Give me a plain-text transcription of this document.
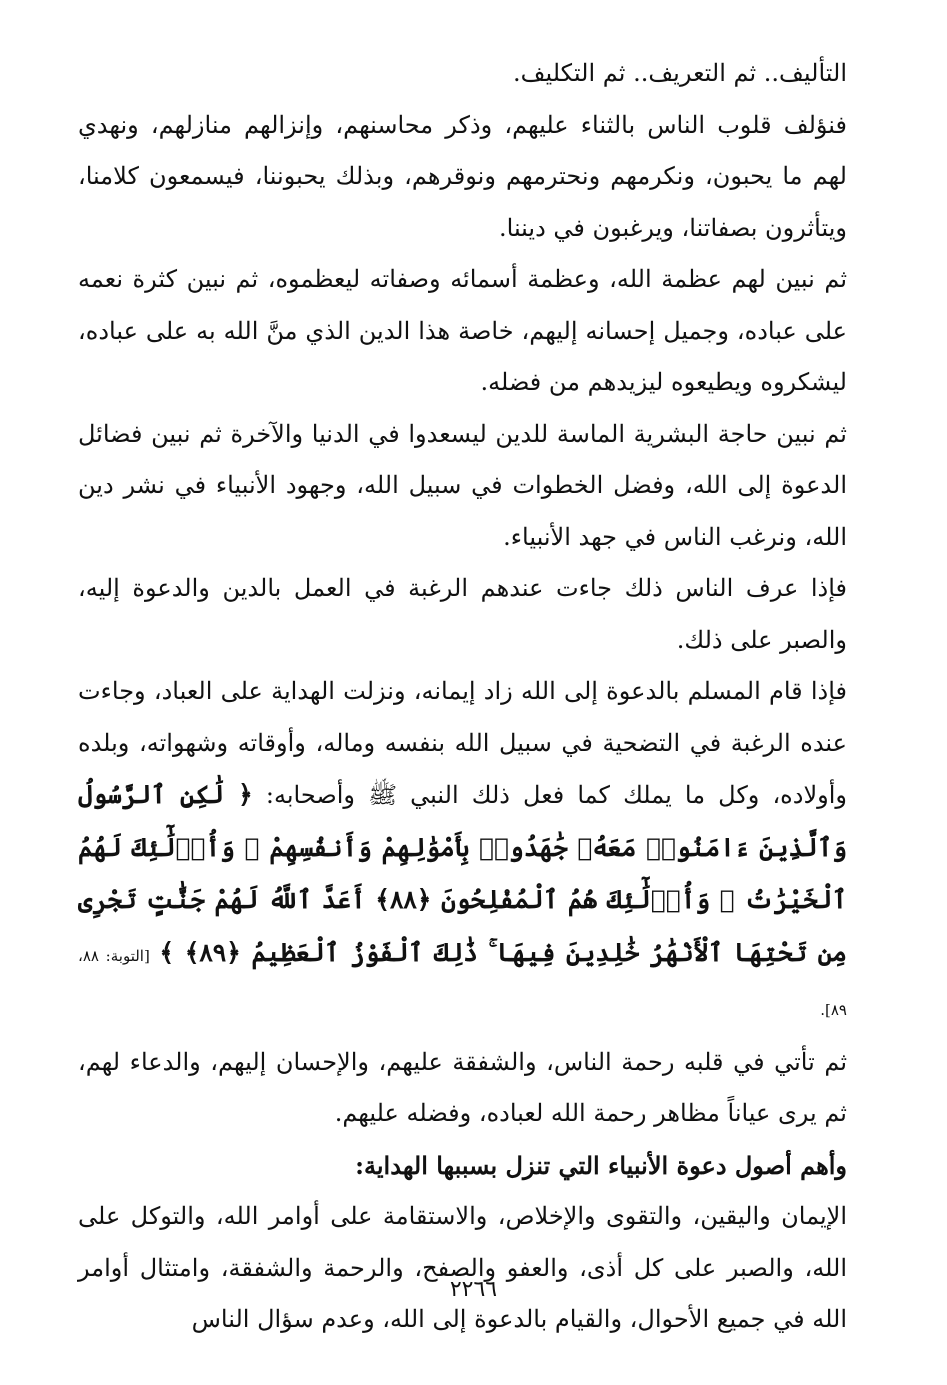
التأليف.. ثم التعريف.. ثم التكليف.

فنؤلف قلوب الناس بالثناء عليهم، وذكر محاسنهم، وإنزالهم منازلهم، ونهدي لهم ما يحبون، ونكرمهم ونحترمهم ونوقرهم، وبذلك يحبوننا، فيسمعون كلامنا، ويتأثرون بصفاتنا، ويرغبون في ديننا.

ثم نبين لهم عظمة الله، وعظمة أسمائه وصفاته ليعظموه، ثم نبين كثرة نعمه على عباده، وجميل إحسانه إليهم، خاصة هذا الدين الذي منَّ الله به على عباده، ليشكروه ويطيعوه ليزيدهم من فضله.

ثم نبين حاجة البشرية الماسة للدين ليسعدوا في الدنيا والآخرة ثم نبين فضائل الدعوة إلى الله، وفضل الخطوات في سبيل الله، وجهود الأنبياء في نشر دين الله، ونرغب الناس في جهد الأنبياء.

فإذا عرف الناس ذلك جاءت عندهم الرغبة في العمل بالدين والدعوة إليه، والصبر على ذلك.

فإذا قام المسلم بالدعوة إلى الله زاد إيمانه، ونزلت الهداية على العباد، وجاءت عنده الرغبة في التضحية في سبيل الله بنفسه وماله، وأوقاته وشهواته، وبلده وأولاده، وكل ما يملك كما فعل ذلك النبي ﷺ وأصحابه: ﴿ لَٰكِنِ ٱلرَّسُولُ وَٱلَّذِينَ ءَامَنُوا۟ مَعَهُۥ جَٰهَدُوا۟ بِأَمْوَٰلِهِمْ وَأَنفُسِهِمْ ۚ وَأُو۟لَٰٓئِكَ لَهُمُ ٱلْخَيْرَٰتُ ۖ وَأُو۟لَٰٓئِكَ هُمُ ٱلْمُفْلِحُونَ ﴿٨٨﴾ أَعَدَّ ٱللَّهُ لَهُمْ جَنَّٰتٍ تَجْرِى مِن تَحْتِهَا ٱلْأَنْهَٰرُ خَٰلِدِينَ فِيهَا ۚ ذَٰلِكَ ٱلْفَوْزُ ٱلْعَظِيمُ ﴿٨٩﴾ ﴾ [التوبة: ٨٨، ٨٩].

ثم تأتي في قلبه رحمة الناس، والشفقة عليهم، والإحسان إليهم، والدعاء لهم، ثم يرى عياناً مظاهر رحمة الله لعباده، وفضله عليهم.

وأهم أصول دعوة الأنبياء التي تنزل بسببها الهداية:

الإيمان واليقين، والتقوى والإخلاص، والاستقامة على أوامر الله، والتوكل على الله، والصبر على كل أذى، والعفو والصفح، والرحمة والشفقة، وامتثال أوامر الله في جميع الأحوال، والقيام بالدعوة إلى الله، وعدم سؤال الناس

٢٢٦٦
